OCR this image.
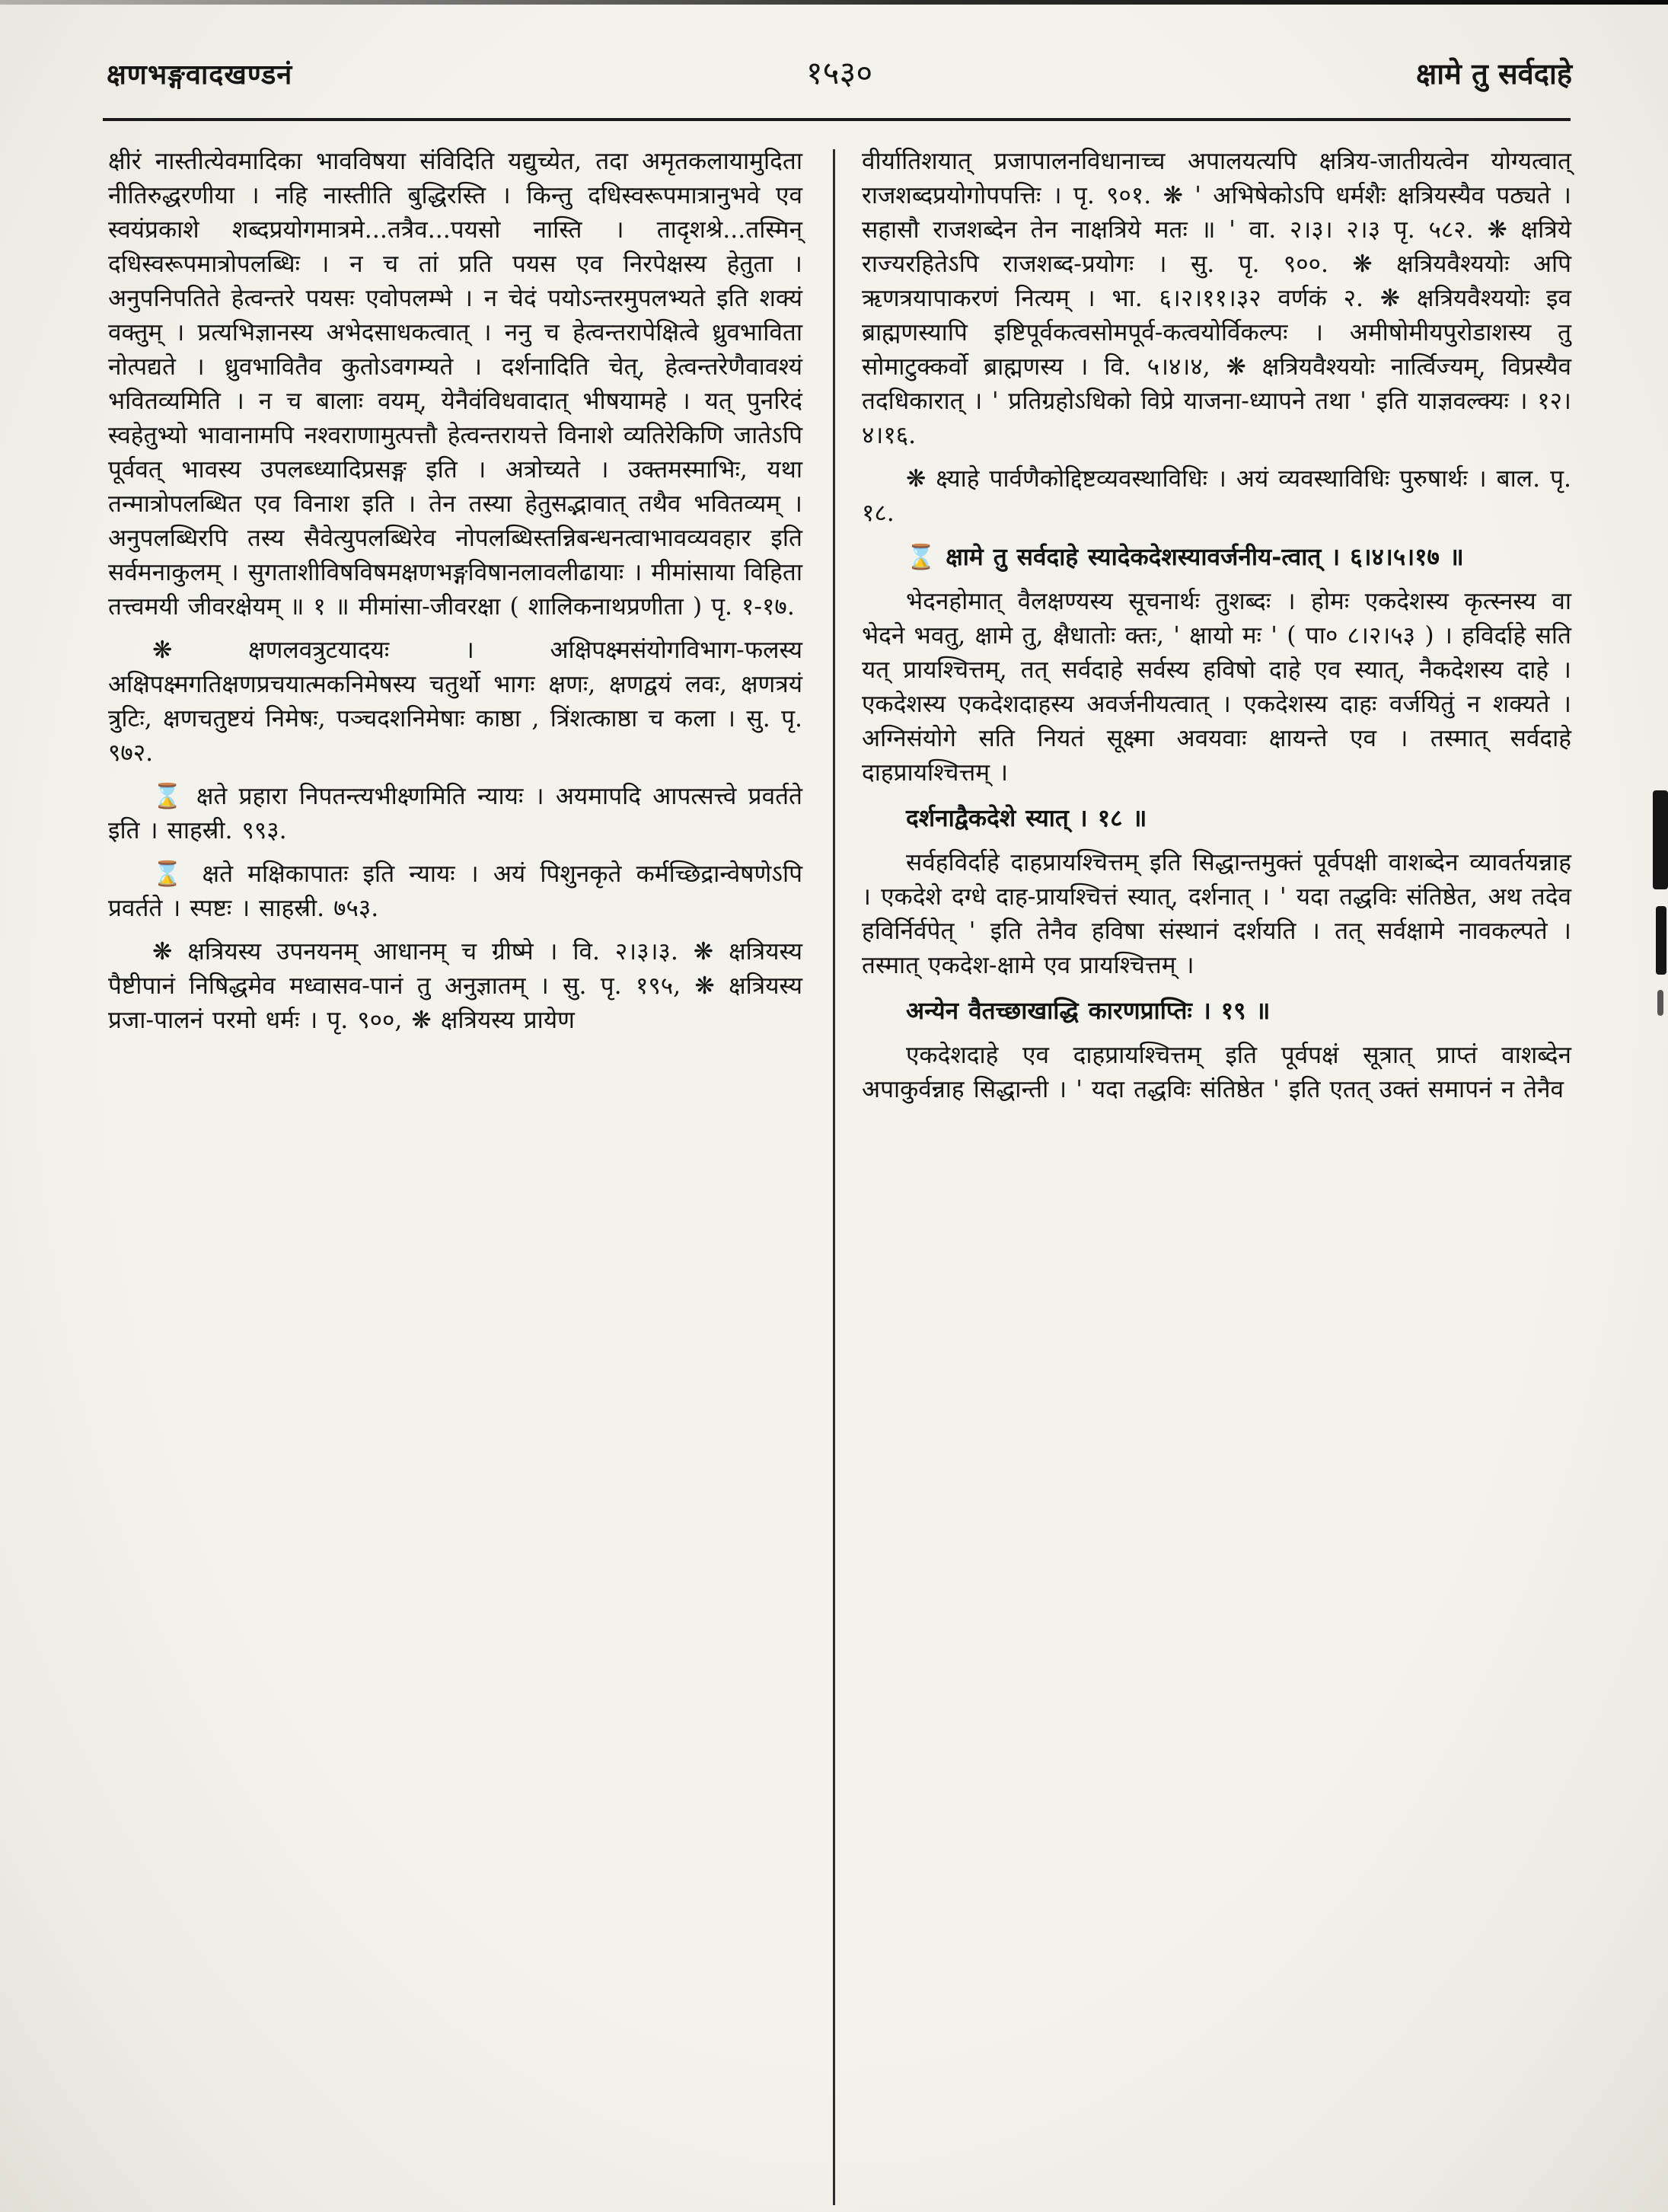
क्षणभङ्गवादखण्डनं	१५३०	क्षामे तु सर्वदाहे

क्षीरं नास्तीत्येवमादिका भावविषया संविदिति यद्युच्येत, तदा अमृतकलायामुदिता नीतिरुद्धरणीया । नहि नास्तीति बुद्धिरस्ति । किन्तु दधिस्वरूपमात्रानुभवे एव स्वयंप्रकाशे शब्दप्रयोगमात्रमे...तत्रैव...पयसो नास्ति । तादृशश्रे...तस्मिन् दधिस्वरूपमात्रोपलब्धिः । न च तां प्रति पयस एव निरपेक्षस्य हेतुता । अनुपनिपतिते हेत्वन्तरे पयसः एवोपलम्भे । न चेदं पयोऽन्तरमुपलभ्यते इति शक्यं वक्तुम् । प्रत्यभिज्ञानस्य अभेदसाधकत्वात् । ननु च हेत्वन्तरापेक्षित्वे ध्रुवभाविता नोत्पद्यते । ध्रुवभावितैव कुतोऽवगम्यते । दर्शनादिति चेत्, हेत्वन्तरेणैवावश्यं भवितव्यमिति । न च बालाः वयम्, येनैवंविधवादात् भीषयामहे । यत् पुनरिदं स्वहेतुभ्यो भावानामपि नश्वराणामुत्पत्तौ हेत्वन्तरायत्ते विनाशे व्यतिरेकिणि जातेऽपि पूर्ववत् भावस्य उपलब्ध्यादिप्रसङ्ग इति । अत्रोच्यते । उक्तमस्माभिः, यथा तन्मात्रोपलब्धित एव विनाश इति । तेन तस्या हेतुसद्भावात् तथैव भवितव्यम् । अनुपलब्धिरपि तस्य सैवेत्युपलब्धिरेव नोपलब्धिस्तन्निबन्धनत्वाभावव्यवहार इति सर्वमनाकुलम् । सुगताशीविषविषमक्षणभङ्गविषानलावलीढायाः । मीमांसाया विहिता तत्त्वमयी जीवरक्षेयम् ॥ १ ॥ मीमांसा-जीवरक्षा ( शालिकनाथप्रणीता ) पृ. १-१७.

❋ क्षणलवत्रुटयादयः । अक्षिपक्ष्मसंयोगविभाग-फलस्य अक्षिपक्ष्मगतिक्षणप्रचयात्मकनिमेषस्य चतुर्थो भागः क्षणः, क्षणद्वयं लवः, क्षणत्रयं त्रुटिः, क्षणचतुष्टयं निमेषः, पञ्चदशनिमेषाः काष्ठा , त्रिंशत्काष्ठा च कला । सु. पृ. ९७२.

⌛ क्षते प्रहारा निपतन्त्यभीक्ष्णमिति न्यायः । अयमापदि आपत्सत्त्वे प्रवर्तते इति । साहस्री. ९९३.

⌛ क्षते मक्षिकापातः इति न्यायः । अयं पिशुनकृते कर्मच्छिद्रान्वेषणेऽपि प्रवर्तते । स्पष्टः । साहस्री. ७५३.

❋ क्षत्रियस्य उपनयनम् आधानम् च ग्रीष्मे । वि. २।३।३. ❋ क्षत्रियस्य पैष्टीपानं निषिद्धमेव मध्वासव-पानं तु अनुज्ञातम् । सु. पृ. १९५, ❋ क्षत्रियस्य प्रजा-पालनं परमो धर्मः । पृ. ९००, ❋ क्षत्रियस्य प्रायेण

वीर्यातिशयात् प्रजापालनविधानाच्च अपालयत्यपि क्षत्रिय-जातीयत्वेन योग्यत्वात् राजशब्दप्रयोगोपपत्तिः । पृ. ९०१. ❋ ' अभिषेकोऽपि धर्मशैः क्षत्रियस्यैव पठ्यते । सहासौ राजशब्देन तेन नाक्षत्रिये मतः ॥ ' वा. २।३। २।३ पृ. ५८२. ❋ क्षत्रिये राज्यरहितेऽपि राजशब्द-प्रयोगः । सु. पृ. ९००. ❋ क्षत्रियवैश्ययोः अपि ऋणत्रयापाकरणं नित्यम् । भा. ६।२।११।३२ वर्णकं २. ❋ क्षत्रियवैश्ययोः इव ब्राह्मणस्यापि इष्टिपूर्वकत्वसोमपूर्व-कत्वयोर्विकल्पः । अमीषोमीयपुरोडाशस्य तु सोमाटुक्कर्वो ब्राह्मणस्य । वि. ५।४।४, ❋ क्षत्रियवैश्ययोः नार्त्विज्यम्, विप्रस्यैव तदधिकारात् । ' प्रतिग्रहोऽधिको विप्रे याजना-ध्यापने तथा ' इति याज्ञवल्क्यः । १२।४।१६.

❋ क्ष्याहे पार्वणैकोद्दिष्टव्यवस्थाविधिः । अयं व्यवस्थाविधिः पुरुषार्थः । बाल. पृ. १८.

⌛ क्षामे तु सर्वदाहे स्यादेकदेशस्यावर्जनीय-त्वात् । ६।४।५।१७ ॥

भेदनहोमात् वैलक्षण्यस्य सूचनार्थः तुशब्दः । होमः एकदेशस्य कृत्स्नस्य वा भेदने भवतु, क्षामे तु, क्षैधातोः क्तः, ' क्षायो मः ' ( पा० ८।२।५३ ) । हविर्दाहे सति यत् प्रायश्चित्तम्, तत् सर्वदाहे सर्वस्य हविषो दाहे एव स्यात्, नैकदेशस्य दाहे । एकदेशस्य एकदेशदाहस्य अवर्जनीयत्वात् । एकदेशस्य दाहः वर्जयितुं न शक्यते । अग्निसंयोगे सति नियतं सूक्ष्मा अवयवाः क्षायन्ते एव । तस्मात् सर्वदाहे दाहप्रायश्चित्तम् ।

दर्शनाद्वैकदेशे स्यात् । १८ ॥

सर्वहविर्दाहे दाहप्रायश्चित्तम् इति सिद्धान्तमुक्तं पूर्वपक्षी वाशब्देन व्यावर्तयन्नाह । एकदेशे दग्धे दाह-प्रायश्चित्तं स्यात्, दर्शनात् । ' यदा तद्धविः संतिष्ठेत, अथ तदेव हविर्निर्वपेत् ' इति तेनैव हविषा संस्थानं दर्शयति । तत् सर्वक्षामे नावकल्पते । तस्मात् एकदेश-क्षामे एव प्रायश्चित्तम् ।

अन्येन वैतच्छाखाद्धि कारणप्राप्तिः । १९ ॥

एकदेशदाहे एव दाहप्रायश्चित्तम् इति पूर्वपक्षं सूत्रात् प्राप्तं वाशब्देन अपाकुर्वन्नाह सिद्धान्ती । ' यदा तद्धविः संतिष्ठेत ' इति एतत् उक्तं समापनं न तेनैव
